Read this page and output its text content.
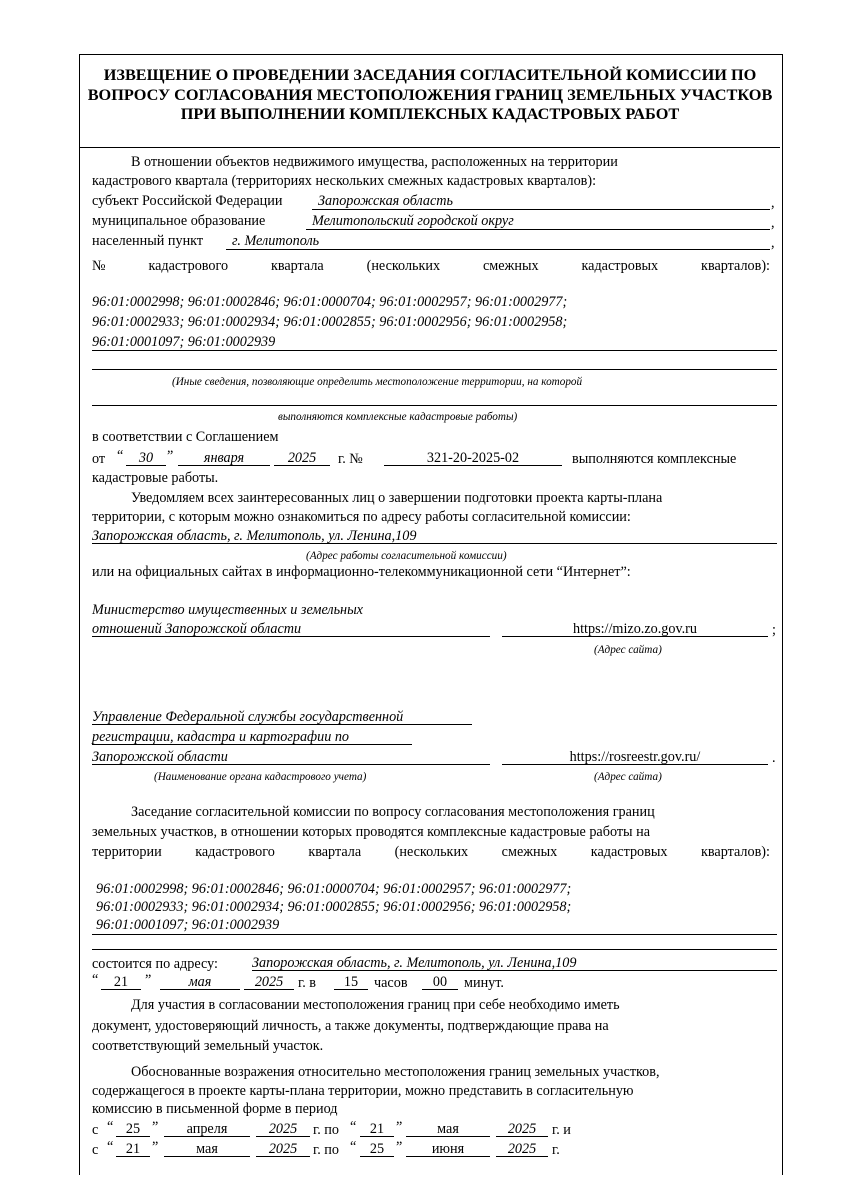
ИЗВЕЩЕНИЕ О ПРОВЕДЕНИИ ЗАСЕДАНИЯ СОГЛАСИТЕЛЬНОЙ КОМИССИИ ПО ВОПРОСУ СОГЛАСОВАНИЯ МЕСТОПОЛОЖЕНИЯ ГРАНИЦ ЗЕМЕЛЬНЫХ УЧАСТКОВ ПРИ ВЫПОЛНЕНИИ КОМПЛЕКСНЫХ КАДАСТРОВЫХ РАБОТ
В отношении объектов недвижимого имущества, расположенных на территории
кадастрового квартала (территориях нескольких смежных кадастровых кварталов):
субъект Российской Федерации	Запорожская область	,
муниципальное образование	Мелитопольский городской округ	,
населенный пункт г. Мелитополь	,
№	кадастрового	квартала	(нескольких	смежных	кадастровых	кварталов):
96:01:0002998; 96:01:0002846; 96:01:0000704; 96:01:0002957; 96:01:0002977;
96:01:0002933; 96:01:0002934; 96:01:0002855; 96:01:0002956; 96:01:0002958;
96:01:0001097; 96:01:0002939
(Иные сведения, позволяющие определить местоположение территории, на которой
выполняются комплексные кадастровые работы)
в соответствии с Соглашением
от “	30 ”	января	2025	г. №	321-20-2025-02	выполняются комплексные
кадастровые работы.
Уведомляем всех заинтересованных лиц о завершении подготовки проекта карты-плана
территории, с которым можно ознакомиться по адресу работы согласительной комиссии:
Запорожская область, г. Мелитополь, ул. Ленина,109
(Адрес работы согласительной комиссии)
или на официальных сайтах в информационно-телекоммуникационной сети “Интернет”:
Министерство имущественных и земельных
отношений Запорожской области	https://mizo.zo.gov.ru	;
(Адрес сайта)
Управление Федеральной службы государственной
регистрации, кадастра и картографии по
Запорожской области	https://rosreestr.gov.ru/	.
(Наименование органа кадастрового учета)	(Адрес сайта)
Заседание согласительной комиссии по вопросу согласования местоположения границ
земельных участков, в отношении которых проводятся комплексные кадастровые работы на
территории кадастрового квартала (нескольких смежных кадастровых кварталов):
96:01:0002998; 96:01:0002846; 96:01:0000704; 96:01:0002957; 96:01:0002977;
96:01:0002933; 96:01:0002934; 96:01:0002855; 96:01:0002956; 96:01:0002958;
96:01:0001097; 96:01:0002939
состоится по адресу: Запорожская область, г. Мелитополь, ул. Ленина,109
“	21	”	мая	2025	г. в	15	часов	00	минут.
Для участия в согласовании местоположения границ при себе необходимо иметь
документ, удостоверяющий личность, а также документы, подтверждающие права на
соответствующий земельный участок.
Обоснованные возражения относительно местоположения границ земельных участков,
содержащегося в проекте карты-плана территории, можно представить в согласительную
комиссию в письменной форме в период
с “ 25 ”	апреля	2025	г. по “ 21 ”	мая	2025	г. и
с “ 21 ”	мая	2025	г. по “ 25 ”	июня	2025	г.
